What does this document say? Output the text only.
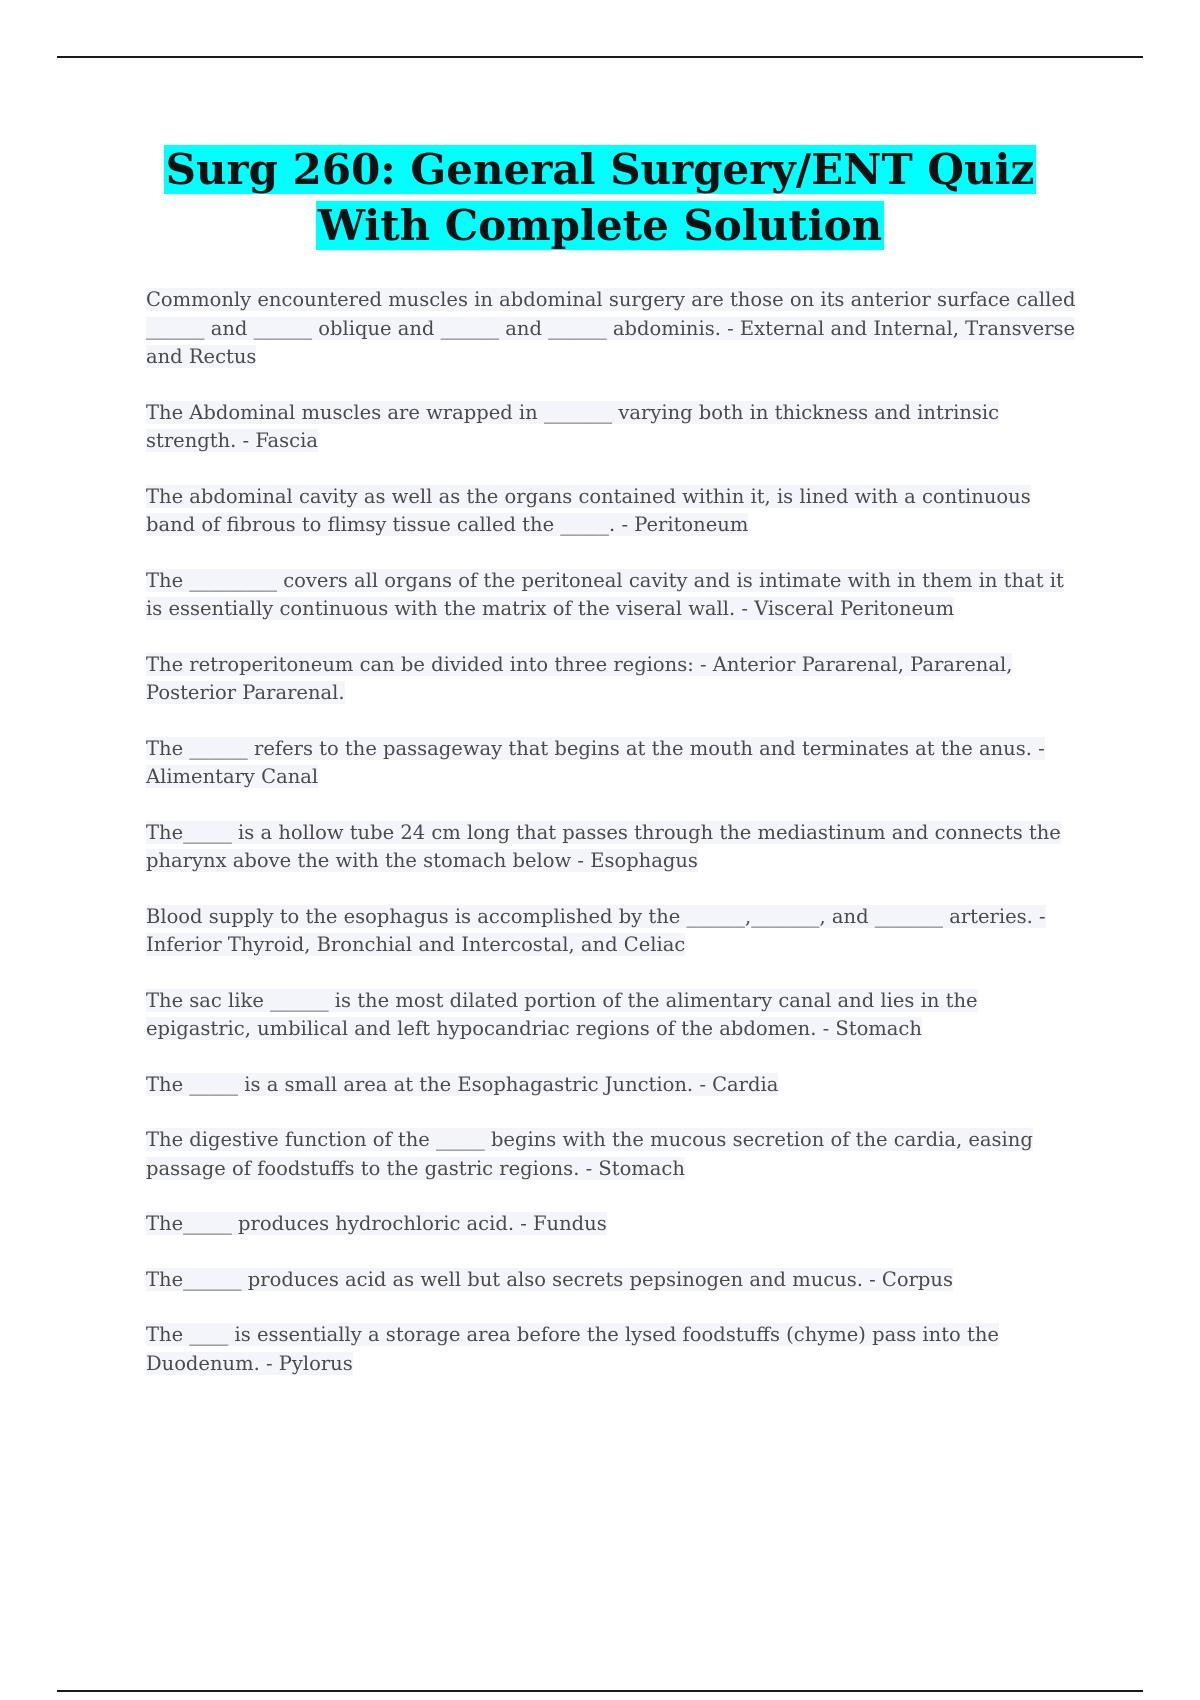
Surg 260: General Surgery/ENT Quiz With Complete Solution

Commonly encountered muscles in abdominal surgery are those on its anterior surface called ______ and ______ oblique and ______ and ______ abdominis. - External and Internal, Transverse and Rectus

The Abdominal muscles are wrapped in _______ varying both in thickness and intrinsic strength. - Fascia

The abdominal cavity as well as the organs contained within it, is lined with a continuous band of fibrous to flimsy tissue called the _____. - Peritoneum

The _________ covers all organs of the peritoneal cavity and is intimate with in them in that it is essentially continuous with the matrix of the viseral wall. - Visceral Peritoneum

The retroperitoneum can be divided into three regions: - Anterior Pararenal, Pararenal, Posterior Pararenal.

The ______ refers to the passageway that begins at the mouth and terminates at the anus. - Alimentary Canal

The_____ is a hollow tube 24 cm long that passes through the mediastinum and connects the pharynx above the with the stomach below - Esophagus

Blood supply to the esophagus is accomplished by the ______,_______, and _______ arteries. - Inferior Thyroid, Bronchial and Intercostal, and Celiac

The sac like ______ is the most dilated portion of the alimentary canal and lies in the epigastric, umbilical and left hypocandriac regions of the abdomen. - Stomach

The _____ is a small area at the Esophagastric Junction. - Cardia

The digestive function of the _____ begins with the mucous secretion of the cardia, easing passage of foodstuffs to the gastric regions. - Stomach

The_____ produces hydrochloric acid. - Fundus

The______ produces acid as well but also secrets pepsinogen and mucus. - Corpus

The ____ is essentially a storage area before the lysed foodstuffs (chyme) pass into the Duodenum. - Pylorus
